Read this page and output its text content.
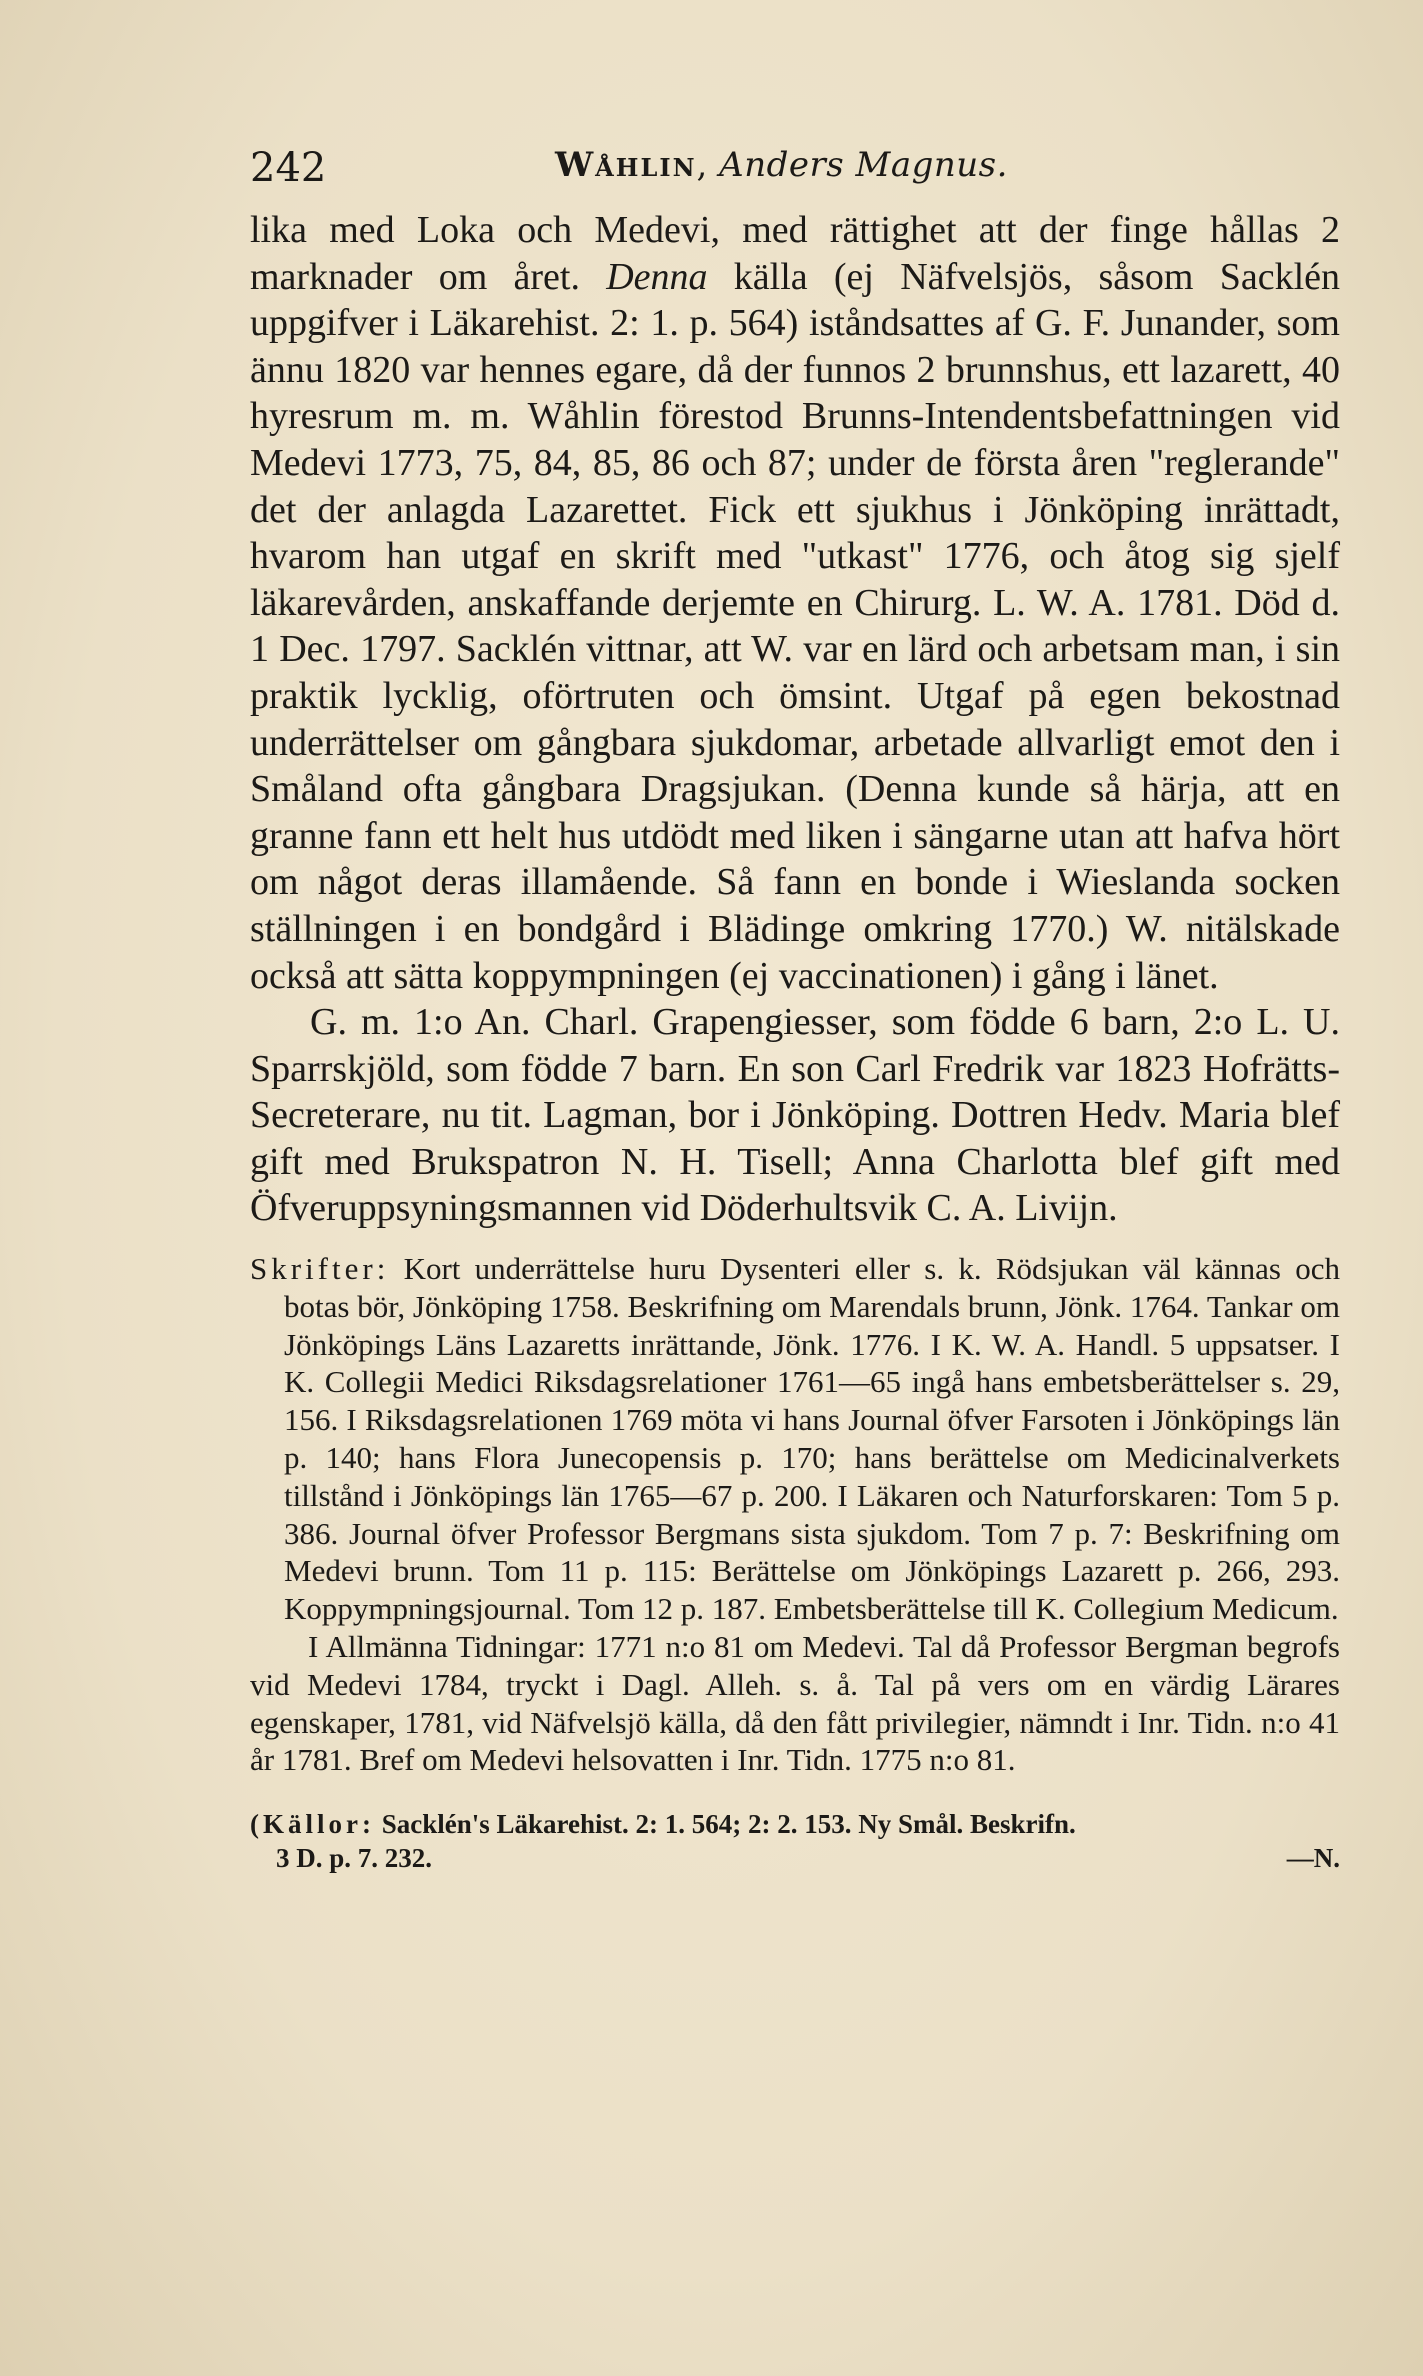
242	Wåhlin, Anders Magnus.

lika med Loka och Medevi, med rättighet att der finge hållas 2 marknader om året. Denna källa (ej Näfvelsjös, såsom Sacklén uppgifver i Läkarehist. 2: 1. p. 564) iståndsattes af G. F. Junander, som ännu 1820 var hennes egare, då der funnos 2 brunnshus, ett lazarett, 40 hyresrum m. m. Wåhlin förestod Brunns-Intendentsbefattningen vid Medevi 1773, 75, 84, 85, 86 och 87; under de första åren "reglerande" det der anlagda Lazarettet. Fick ett sjukhus i Jönköping inrättadt, hvarom han utgaf en skrift med "utkast" 1776, och åtog sig sjelf läkarevården, anskaffande derjemte en Chirurg. L. W. A. 1781. Död d. 1 Dec. 1797. Sacklén vittnar, att W. var en lärd och arbetsam man, i sin praktik lycklig, oförtruten och ömsint. Utgaf på egen bekostnad underrättelser om gångbara sjukdomar, arbetade allvarligt emot den i Småland ofta gångbara Dragsjukan. (Denna kunde så härja, att en granne fann ett helt hus utdödt med liken i sängarne utan att hafva hört om något deras illamående. Så fann en bonde i Wieslanda socken ställningen i en bondgård i Blädinge omkring 1770.) W. nitälskade också att sätta koppympningen (ej vaccinationen) i gång i länet.

G. m. 1:o An. Charl. Grapengiesser, som födde 6 barn, 2:o L. U. Sparrskjöld, som födde 7 barn. En son Carl Fredrik var 1823 Hofrätts-Secreterare, nu tit. Lagman, bor i Jönköping. Dottren Hedv. Maria blef gift med Brukspatron N. H. Tisell; Anna Charlotta blef gift med Öfveruppsyningsmannen vid Döderhultsvik C. A. Livijn.

Skrifter: Kort underrättelse huru Dysenteri eller s. k. Rödsjukan väl kännas och botas bör, Jönköping 1758. Beskrifning om Marendals brunn, Jönk. 1764. Tankar om Jönköpings Läns Lazaretts inrättande, Jönk. 1776. I K. W. A. Handl. 5 uppsatser. I K. Collegii Medici Riksdagsrelationer 1761—65 ingå hans embetsberättelser s. 29, 156. I Riksdagsrelationen 1769 möta vi hans Journal öfver Farsoten i Jönköpings län p. 140; hans Flora Junecopensis p. 170; hans berättelse om Medicinalverkets tillstånd i Jönköpings län 1765—67 p. 200. I Läkaren och Naturforskaren: Tom 5 p. 386. Journal öfver Professor Bergmans sista sjukdom. Tom 7 p. 7: Beskrifning om Medevi brunn. Tom 11 p. 115: Berättelse om Jönköpings Lazarett p. 266, 293. Koppympningsjournal. Tom 12 p. 187. Embetsberättelse till K. Collegium Medicum.

I Allmänna Tidningar: 1771 n:o 81 om Medevi. Tal då Professor Bergman begrofs vid Medevi 1784, tryckt i Dagl. Alleh. s. å. Tal på vers om en värdig Lärares egenskaper, 1781, vid Näfvelsjö källa, då den fått privilegier, nämndt i Inr. Tidn. n:o 41 år 1781. Bref om Medevi helsovatten i Inr. Tidn. 1775 n:o 81.

(Källor: Sacklén's Läkarehist. 2: 1. 564; 2: 2. 153. Ny Smål. Beskrifn.
3 D. p. 7. 232.	—N.
